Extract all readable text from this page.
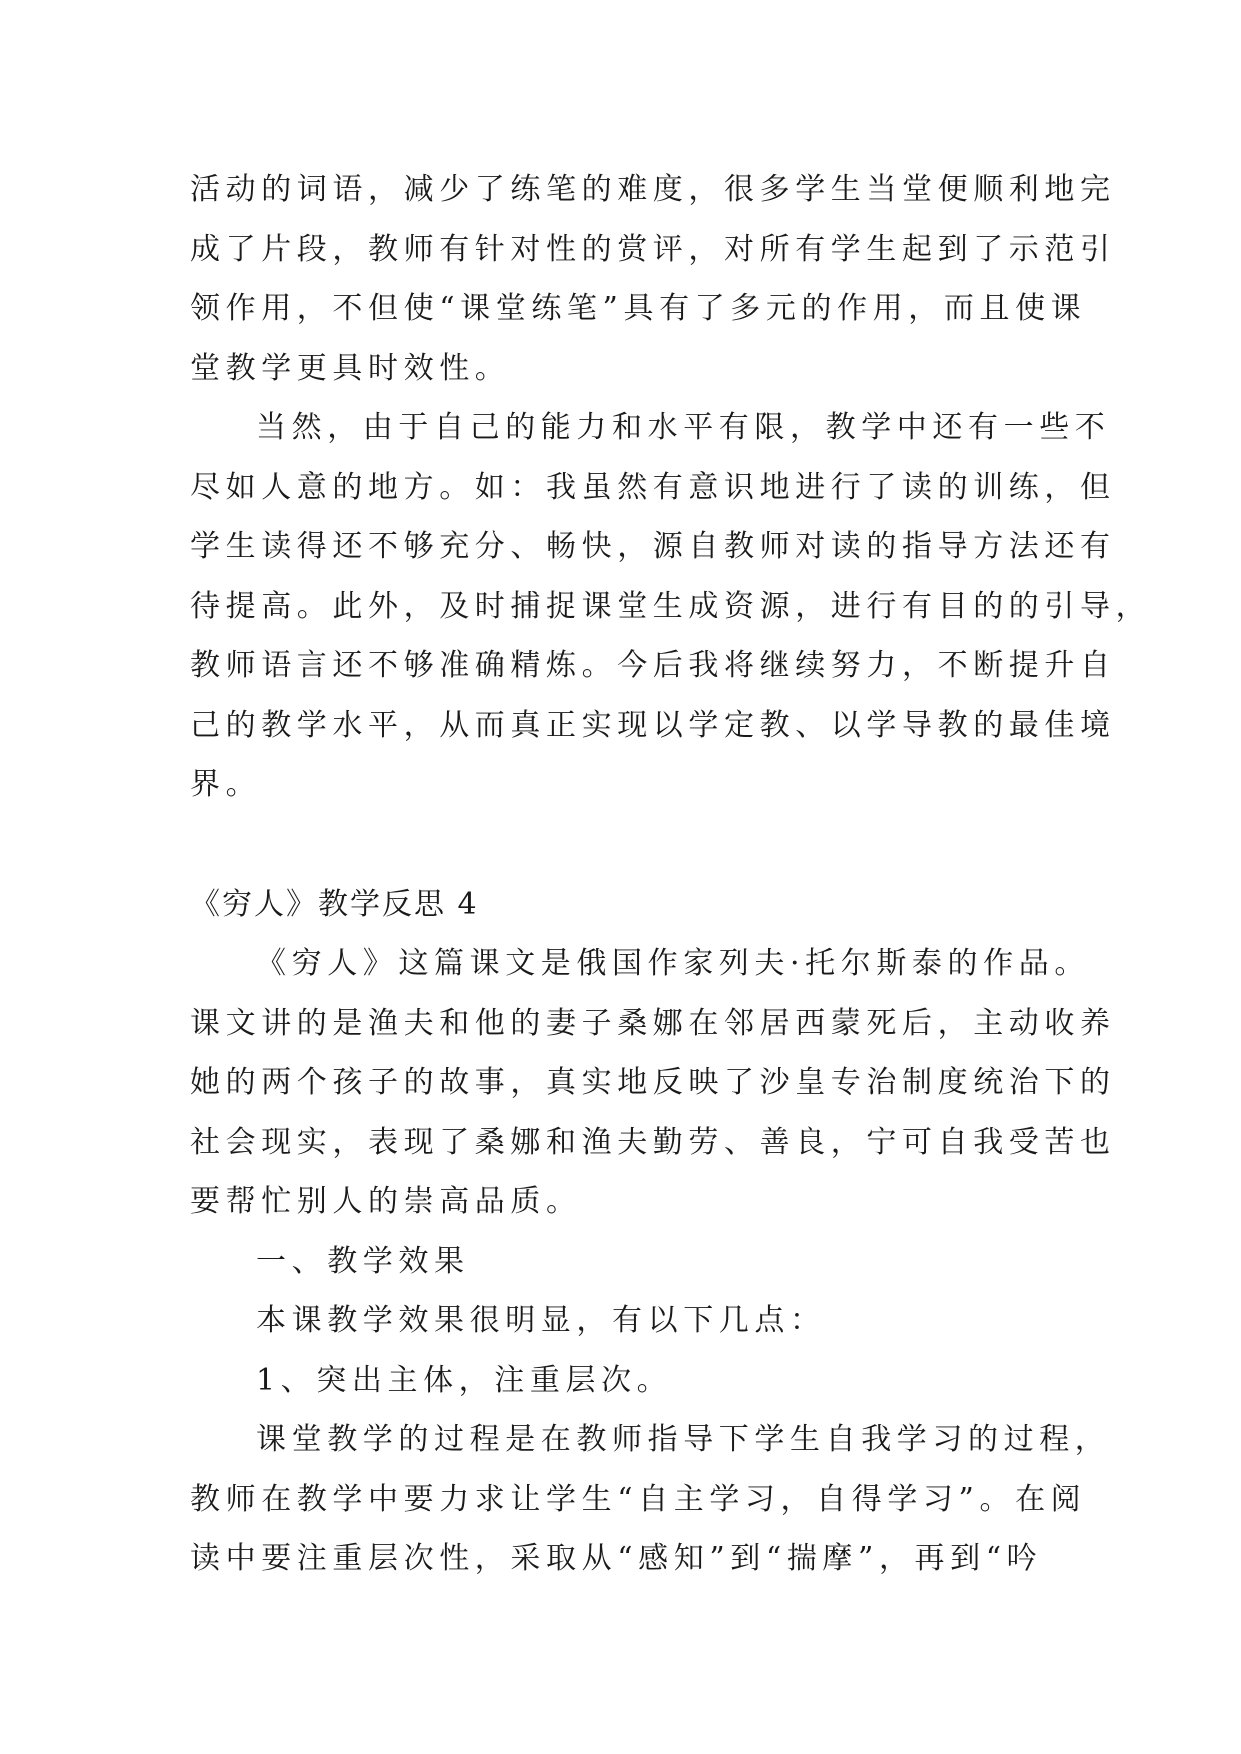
活动的词语，减少了练笔的难度，很多学生当堂便顺利地完
成了片段，教师有针对性的赏评，对所有学生起到了示范引
领作用，不但使“课堂练笔”具有了多元的作用，而且使课
堂教学更具时效性。
当然，由于自己的能力和水平有限，教学中还有一些不
尽如人意的地方。如：我虽然有意识地进行了读的训练，但
学生读得还不够充分、畅快，源自教师对读的指导方法还有
待提高。此外，及时捕捉课堂生成资源，进行有目的的引导，
教师语言还不够准确精炼。今后我将继续努力，不断提升自
己的教学水平，从而真正实现以学定教、以学导教的最佳境
界。
《穷人》教学反思 4
《穷人》这篇课文是俄国作家列夫·托尔斯泰的作品。
课文讲的是渔夫和他的妻子桑娜在邻居西蒙死后，主动收养
她的两个孩子的故事，真实地反映了沙皇专治制度统治下的
社会现实，表现了桑娜和渔夫勤劳、善良，宁可自我受苦也
要帮忙别人的崇高品质。
一、教学效果
本课教学效果很明显，有以下几点：
1、突出主体，注重层次。
课堂教学的过程是在教师指导下学生自我学习的过程，
教师在教学中要力求让学生“自主学习，自得学习”。在阅
读中要注重层次性，采取从“感知”到“揣摩”，再到“吟
